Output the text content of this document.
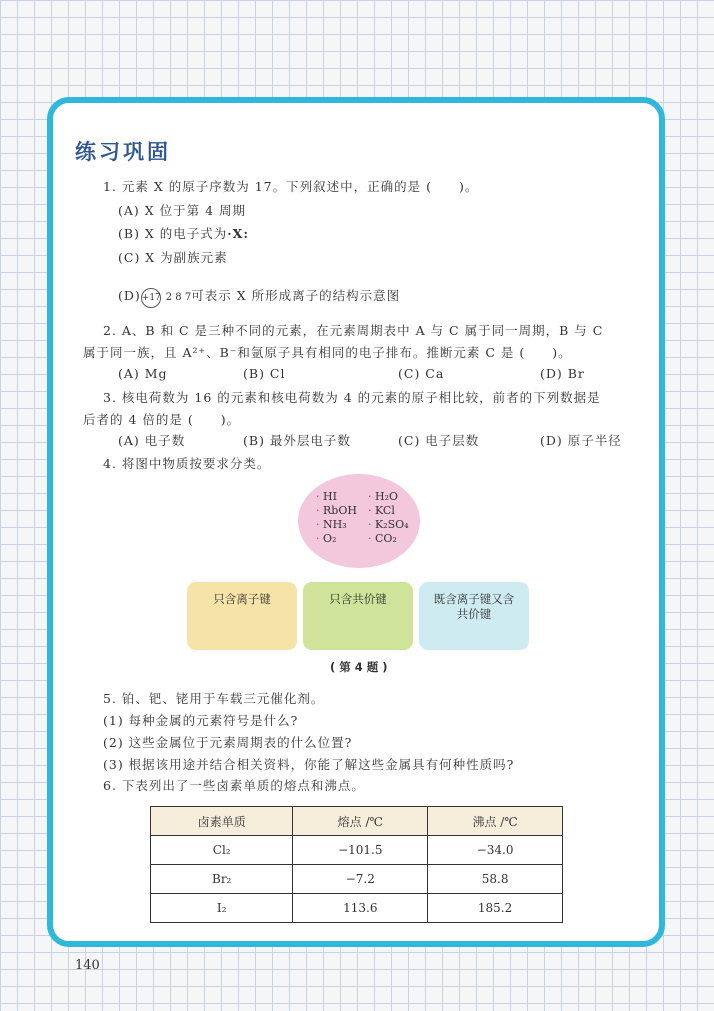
练习巩固
1. 元素 X 的原子序数为 17。下列叙述中，正确的是 (　　)。
(A) X 位于第 4 周期
(B) X 的电子式为·X:
(C) X 为副族元素
(D)+17 2 8 7可表示 X 所形成离子的结构示意图
2. A、B 和 C 是三种不同的元素，在元素周期表中 A 与 C 属于同一周期，B 与 C
属于同一族，且 A²⁺、B⁻和氩原子具有相同的电子排布。推断元素 C 是 (　　)。
(A) Mg	(B) Cl	(C) Ca	(D) Br
3. 核电荷数为 16 的元素和核电荷数为 4 的元素的原子相比较，前者的下列数据是
后者的 4 倍的是 (　　)。
(A) 电子数	(B) 最外层电子数	(C) 电子层数	(D) 原子半径
4. 将图中物质按要求分类。
· HI	· H₂O
· RbOH	· KCl
· NH₃	· K₂SO₄
· O₂	· CO₂
只含离子键	只含共价键	既含离子键又含共价键
( 第 4 题 )
5. 铂、钯、铑用于车载三元催化剂。
(1) 每种金属的元素符号是什么?
(2) 这些金属位于元素周期表的什么位置?
(3) 根据该用途并结合相关资料，你能了解这些金属具有何种性质吗?
6. 下表列出了一些卤素单质的熔点和沸点。
卤素单质	熔点 /℃	沸点 /℃
Cl₂	−101.5	−34.0
Br₂	−7.2	58.8
I₂	113.6	185.2
140
